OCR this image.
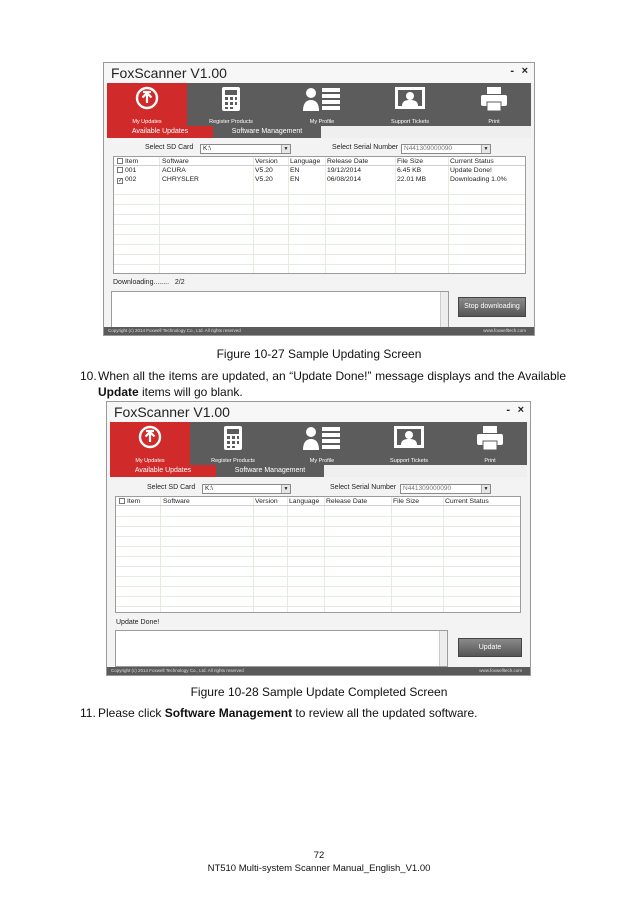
FoxScanner V1.00	- ×
My Updates	Register Products	My Profile	Support Tickets	Print
Available Updates	Software Management
Select SD Card	K:\	▼	Select Serial Number N441309000090	▼
Item	Software	Version Language Release Date	File Size	Current Status
001	ACURA	V5.20	EN	19/12/2014	6.45 KB	Update Done!
✓ 002	CHRYSLER	V5.20	EN	06/08/2014	22.01 MB	Downloading 1.0%
Downloading........ 2/2
Stop downloading
Copyright (c) 2014 Foxwell Technology Co., Ltd. All rights reserved	www.foxwelltech.com
Figure 10-27 Sample Updating Screen
10. When all the items are updated, an “Update Done!” message displays and the Available
Update items will go blank.
FoxScanner V1.00	- ×
My Updates	Register Products	My Profile	Support Tickets	Print
Available Updates	Software Management
Select SD Card	K:\	▼	Select Serial Number	N441309000090	▼
Item	Software	Version Language Release Date	File Size	Current Status
Update Done!
Update
Copyright (c) 2014 Foxwell Technology Co., Ltd. All rights reserved	www.foxwelltech.com
Figure 10-28 Sample Update Completed Screen
11. Please click Software Management to review all the updated software.
72
NT510 Multi-system Scanner Manual_English_V1.00
